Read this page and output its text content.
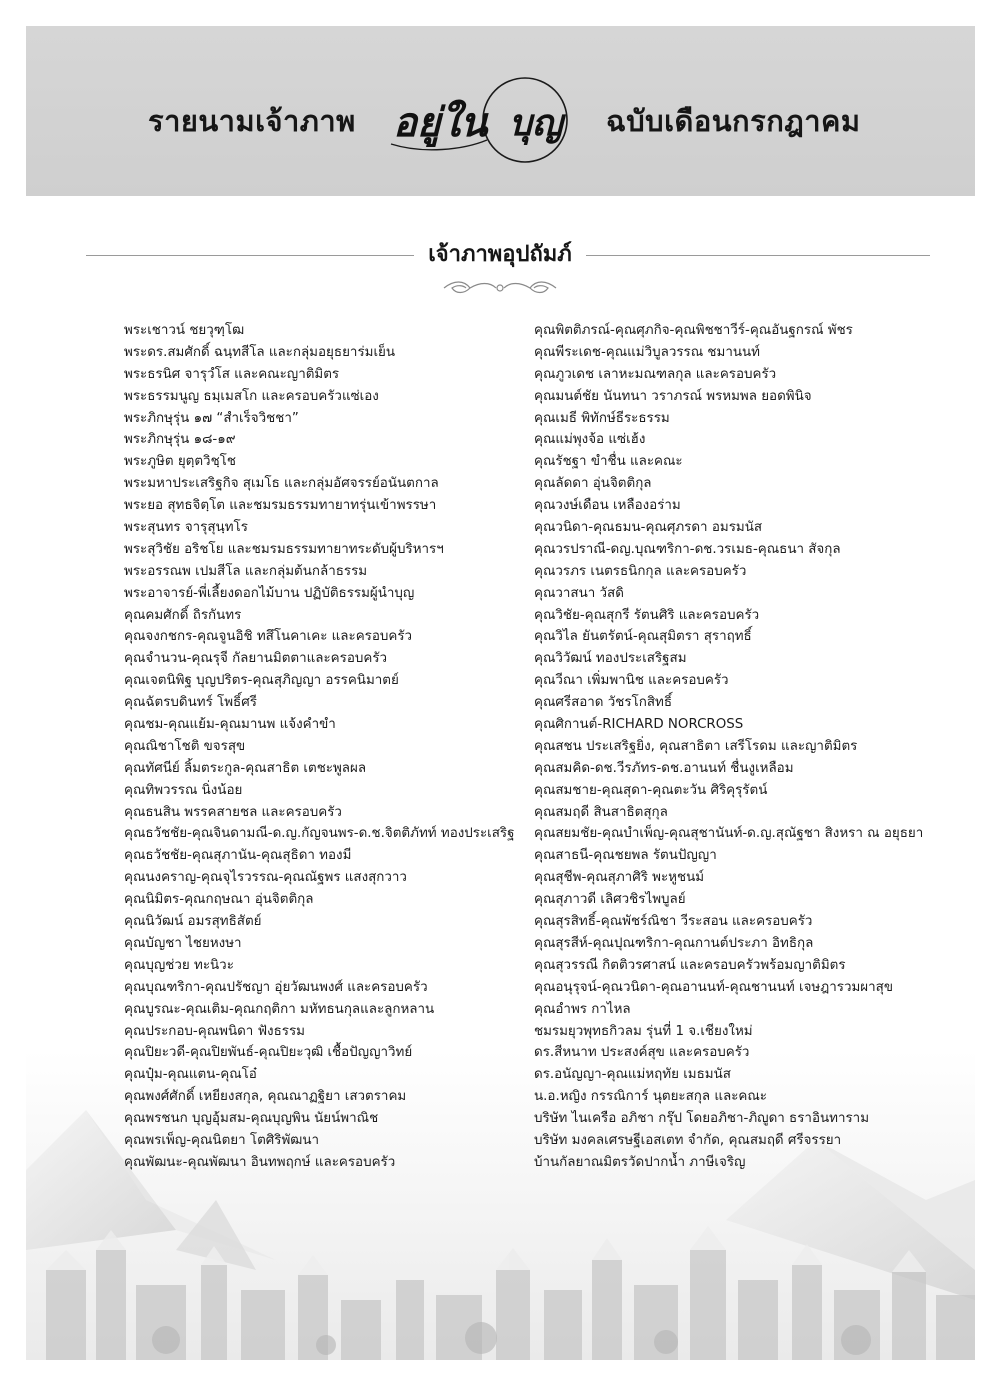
รายนามเจ้าภาพ อยู่ใน บุญ ฉบับเดือนกรกฎาคม
เจ้าภาพอุปถัมภ์
พระเชาวน์ ชยวุฑฺโฒ
พระดร.สมศักดิ์ ฉนฺทสีโล และกลุ่มอยุธยาร่มเย็น
พระธรนิศ จารุวํโส และคณะญาติมิตร
พระธรรมนูญ ธมฺเมสโก และครอบครัวแซ่เอง
พระภิกษุรุ่น ๑๗ “สำเร็จวิชชา”
พระภิกษุรุ่น ๑๘-๑๙
พระภูษิต ยุตฺตวิชฺโช
พระมหาประเสริฐกิจ สุเมโธ และกลุ่มอัศจรรย์อนันตกาล
พระยอ สุทธจิตฺโต และชมรมธรรมทายาทรุ่นเข้าพรรษา
พระสุนทร จารุสุนฺทโร
พระสุวิชัย อริชโย และชมรมธรรมทายาทระดับผู้บริหารฯ
พระอรรณพ เปมสีโล และกลุ่มต้นกล้าธรรม
พระอาจารย์-พี่เลี้ยงดอกไม้บาน ปฏิบัติธรรมผู้นำบุญ
คุณคมศักดิ์ ถิรกันทร
คุณจงกชกร-คุณจูนอิชิ ทสึโนคาเคะ และครอบครัว
คุณจำนวน-คุณรุจี กัลยานมิตตาและครอบครัว
คุณเจตนิพิฐ บุญปริตร-คุณสุภิญญา อรรคนิมาตย์
คุณฉัตรบดินทร์ โพธิ์ศรี
คุณชม-คุณแย้ม-คุณมานพ แจ้งคำขำ
คุณณิชาโชติ ขจรสุข
คุณทัศนีย์ ลิ้มตระกูล-คุณสาธิต เตชะพูลผล
คุณทิพวรรณ นิ่งน้อย
คุณธนสิน พรรคสายชล และครอบครัว
คุณธวัชชัย-คุณจินดามณี-ด.ญ.กัญจนพร-ด.ช.จิตติภัทท์ ทองประเสริฐ
คุณธวัชชัย-คุณสุภานัน-คุณสุธิดา ทองมี
คุณนงคราญ-คุณจุไรวรรณ-คุณณัฐพร แสงสุกวาว
คุณนิมิตร-คุณกฤษณา อุ่นจิตติกุล
คุณนิวัฒน์ อมรสุทธิสัตย์
คุณบัญชา ไชยหงษา
คุณบุญช่วย ทะนิวะ
คุณบุณฑริกา-คุณปรัชญา อุ่ยวัฒนพงศ์ และครอบครัว
คุณบูรณะ-คุณเติม-คุณกฤติกา มหัทธนกุลและลูกหลาน
คุณประกอบ-คุณพนิดา ฟังธรรม
คุณปิยะวดี-คุณปิยพันธ์-คุณปิยะวุฒิ เชื้อปัญญาวิทย์
คุณปุ๋ม-คุณแตน-คุณโอ๋
คุณพงศ์ศักดิ์ เหยียงสกุล, คุณณาฏฐิยา เสวตราคม
คุณพรชนก บุญอุ้มสม-คุณบุญพิน นัยน์พาณิช
คุณพรเพ็ญ-คุณนิตยา โตศิริพัฒนา
คุณพัฒนะ-คุณพัฒนา อินทพฤกษ์ และครอบครัว
คุณพิตติภรณ์-คุณศุภกิจ-คุณพิชชาวีร์-คุณอันฐกรณ์ พัชร
คุณพีระเดช-คุณแม่วิบูลวรรณ ชมานนท์
คุณภูวเดช เลาหะมณฑลกุล และครอบครัว
คุณมนต์ชัย นันทนา วราภรณ์ พรหมพล ยอดพินิจ
คุณเมธี พิทักษ์ธีระธรรม
คุณแม่พุงจ้อ แซ่เฮ้ง
คุณรัชฐา ขำชื่น และคณะ
คุณลัดดา อุ่นจิตติกุล
คุณวงษ์เดือน เหลืองอร่าม
คุณวนิดา-คุณธมน-คุณศุภรดา อมรมนัส
คุณวรปราณี-ดญ.บุณฑริกา-ดช.วรเมธ-คุณธนา สัจกุล
คุณวรภร เนตรธนิกกุล และครอบครัว
คุณวาสนา วัสดิ
คุณวิชัย-คุณสุกรี รัตนศิริ และครอบครัว
คุณวิไล ยันตรัตน์-คุณสุมิตรา สุราฤทธิ์
คุณวิวัฒน์ ทองประเสริฐสม
คุณวีณา เพิ่มพานิช และครอบครัว
คุณศรีสอาด วัชรโกสิทธิ์
คุณศิกานต์-RICHARD NORCROSS
คุณสชน ประเสริฐยิ่ง, คุณสาธิตา เสรีโรดม และญาติมิตร
คุณสมคิด-ดช.วีรภัทร-ดช.อานนท์ ชื่นงูเหลือม
คุณสมชาย-คุณสุดา-คุณตะวัน ศิริคุรุรัตน์
คุณสมฤดี สินสาธิตสุกุล
คุณสยมชัย-คุณบำเพ็ญ-คุณสุชานันท์-ด.ญ.สุณัฐชา สิงหรา ณ อยุธยา
คุณสาธนี-คุณชยพล รัตนปัญญา
คุณสุชีพ-คุณสุภาศิริ พะหูชนม์
คุณสุภาวดี เลิศวชิรไพบูลย์
คุณสุรสิทธิ์-คุณพัชร์ณิชา วีระสอน และครอบครัว
คุณสุรสีห์-คุณปุณฑริกา-คุณกานต์ประภา อิทธิกุล
คุณสุวรรณี กิตติวรศาสน์ และครอบครัวพร้อมญาติมิตร
คุณอนุรุจน์-คุณวนิดา-คุณอานนท์-คุณชานนท์ เจษฎารวมผาสุข
คุณอำพร กาไหล
ชมรมยุวพุทธกิวลม รุ่นที่ 1 จ.เชียงใหม่
ดร.สีหนาท ประสงค์สุข และครอบครัว
ดร.อนัญญา-คุณแม่หฤทัย เมธมนัส
น.อ.หญิง กรรณิการ์ นุตยะสกุล และคณะ
บริษัท ไนเครือ อภิชา กรุ๊ป โดยอภิชา-ภิญูดา ธราอินทาราม
บริษัท มงคลเศรษฐีเอสเตท จำกัด, คุณสมฤดี ศรีจรรยา
บ้านกัลยาณมิตรวัดปากน้ำ ภาษีเจริญ
